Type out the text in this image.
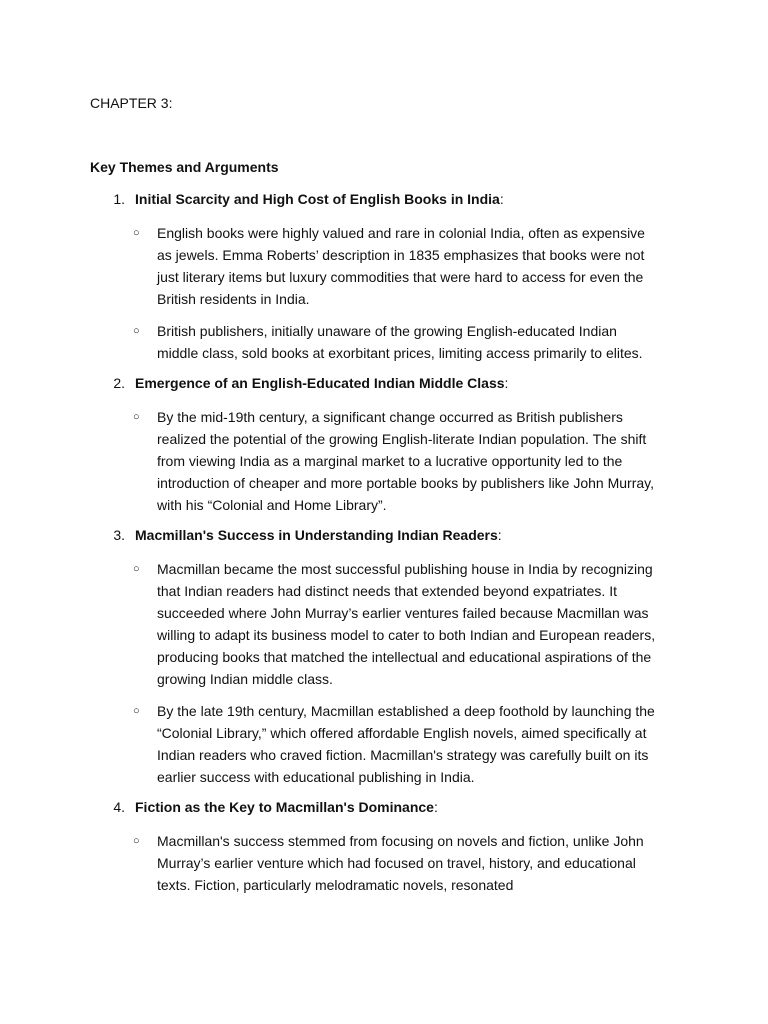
CHAPTER 3:
Key Themes and Arguments
1. Initial Scarcity and High Cost of English Books in India:
○	English books were highly valued and rare in colonial India, often as expensive as jewels. Emma Roberts’ description in 1835 emphasizes that books were not just literary items but luxury commodities that were hard to access for even the British residents in India.
○	British publishers, initially unaware of the growing English-educated Indian middle class, sold books at exorbitant prices, limiting access primarily to elites.
2. Emergence of an English-Educated Indian Middle Class:
○	By the mid-19th century, a significant change occurred as British publishers realized the potential of the growing English-literate Indian population. The shift from viewing India as a marginal market to a lucrative opportunity led to the introduction of cheaper and more portable books by publishers like John Murray, with his “Colonial and Home Library”.
3. Macmillan's Success in Understanding Indian Readers:
○	Macmillan became the most successful publishing house in India by recognizing that Indian readers had distinct needs that extended beyond expatriates. It succeeded where John Murray’s earlier ventures failed because Macmillan was willing to adapt its business model to cater to both Indian and European readers, producing books that matched the intellectual and educational aspirations of the growing Indian middle class.
○	By the late 19th century, Macmillan established a deep foothold by launching the “Colonial Library,” which offered affordable English novels, aimed specifically at Indian readers who craved fiction. Macmillan's strategy was carefully built on its earlier success with educational publishing in India.
4. Fiction as the Key to Macmillan's Dominance:
○	Macmillan's success stemmed from focusing on novels and fiction, unlike John Murray’s earlier venture which had focused on travel, history, and educational texts. Fiction, particularly melodramatic novels, resonated
